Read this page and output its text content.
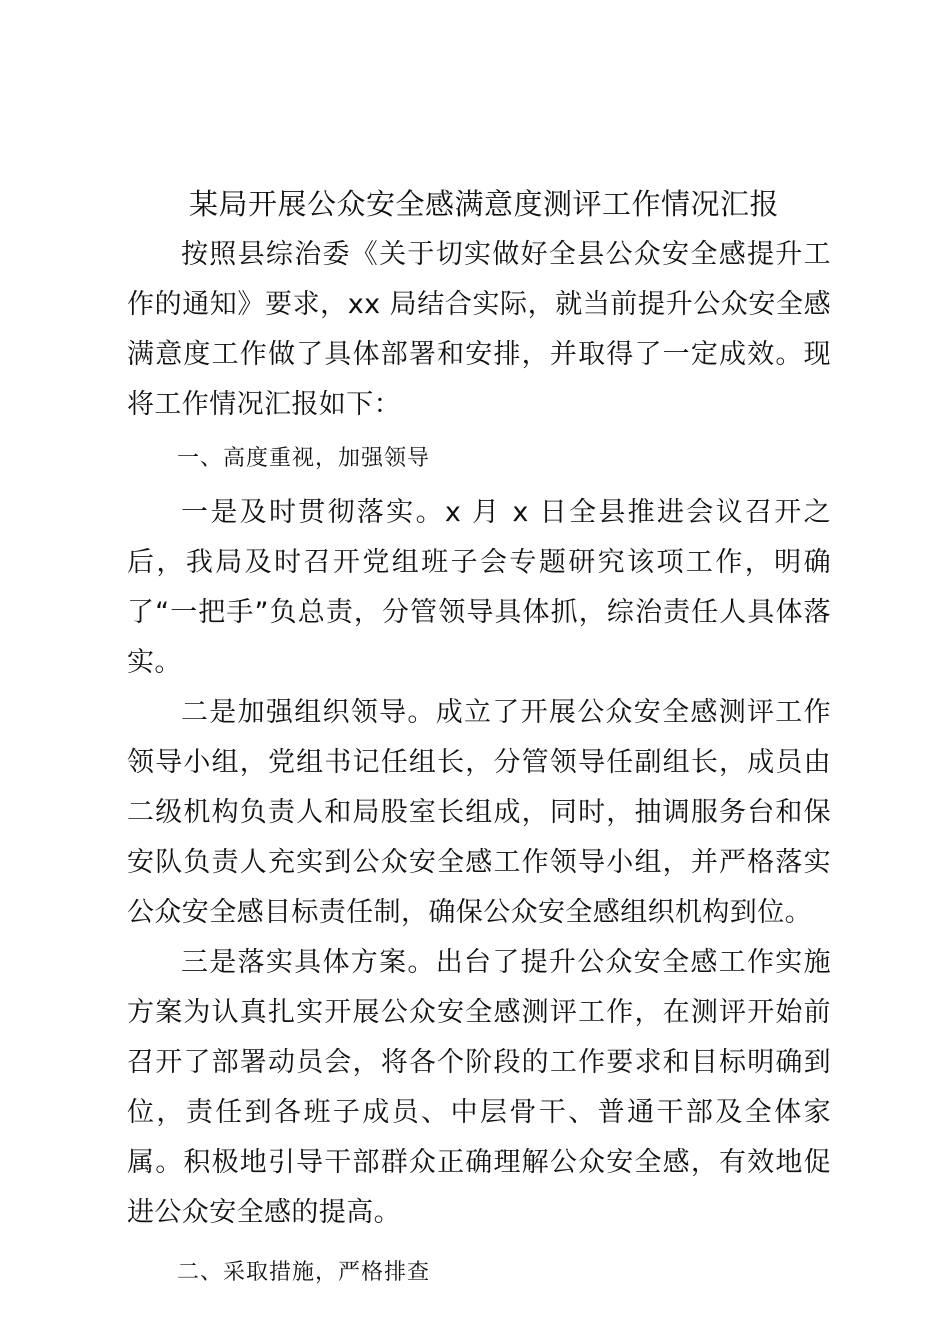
某局开展公众安全感满意度测评工作情况汇报

按照县综治委《关于切实做好全县公众安全感提升工作的通知》要求，xx 局结合实际，就当前提升公众安全感满意度工作做了具体部署和安排，并取得了一定成效。现将工作情况汇报如下：

一、高度重视，加强领导

一是及时贯彻落实。x 月 x 日全县推进会议召开之后，我局及时召开党组班子会专题研究该项工作，明确了“一把手”负总责，分管领导具体抓，综治责任人具体落实。

二是加强组织领导。成立了开展公众安全感测评工作领导小组，党组书记任组长，分管领导任副组长，成员由二级机构负责人和局股室长组成，同时，抽调服务台和保安队负责人充实到公众安全感工作领导小组，并严格落实公众安全感目标责任制，确保公众安全感组织机构到位。

三是落实具体方案。出台了提升公众安全感工作实施方案为认真扎实开展公众安全感测评工作，在测评开始前召开了部署动员会，将各个阶段的工作要求和目标明确到位，责任到各班子成员、中层骨干、普通干部及全体家属。积极地引导干部群众正确理解公众安全感，有效地促进公众安全感的提高。

二、采取措施，严格排查
